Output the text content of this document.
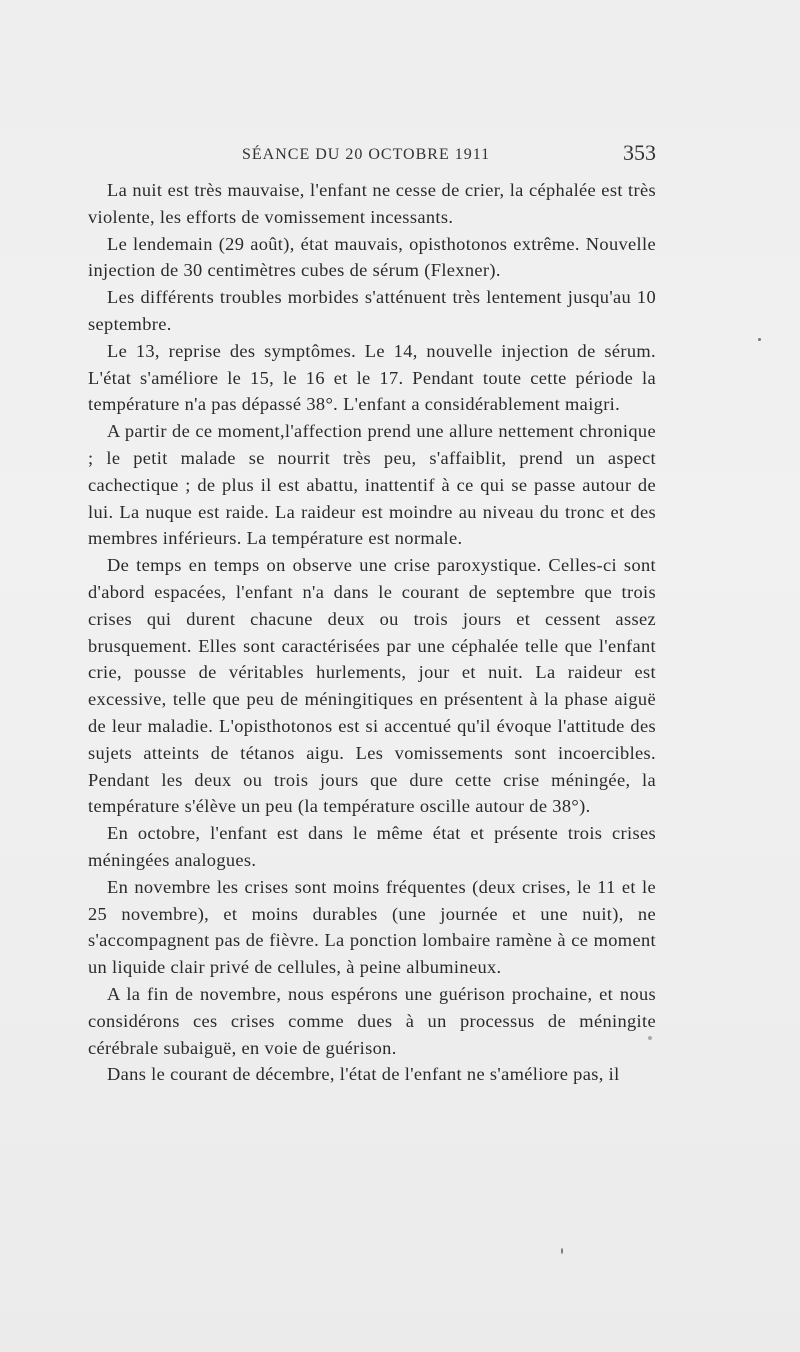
SÉANCE DU 20 OCTOBRE 1911	353

La nuit est très mauvaise, l'enfant ne cesse de crier, la céphalée est très violente, les efforts de vomissement incessants.

Le lendemain (29 août), état mauvais, opisthotonos extrême. Nouvelle injection de 30 centimètres cubes de sérum (Flexner).

Les différents troubles morbides s'atténuent très lentement jusqu'au 10 septembre.

Le 13, reprise des symptômes. Le 14, nouvelle injection de sérum. L'état s'améliore le 15, le 16 et le 17. Pendant toute cette période la température n'a pas dépassé 38°. L'enfant a considérablement maigri.

A partir de ce moment,l'affection prend une allure nettement chronique ; le petit malade se nourrit très peu, s'affaiblit, prend un aspect cachectique ; de plus il est abattu, inattentif à ce qui se passe autour de lui. La nuque est raide. La raideur est moindre au niveau du tronc et des membres inférieurs. La température est normale.

De temps en temps on observe une crise paroxystique. Celles-ci sont d'abord espacées, l'enfant n'a dans le courant de septembre que trois crises qui durent chacune deux ou trois jours et cessent assez brusquement. Elles sont caractérisées par une céphalée telle que l'enfant crie, pousse de véritables hurlements, jour et nuit. La raideur est excessive, telle que peu de méningitiques en présentent à la phase aiguë de leur maladie. L'opisthotonos est si accentué qu'il évoque l'attitude des sujets atteints de tétanos aigu. Les vomissements sont incoercibles. Pendant les deux ou trois jours que dure cette crise méningée, la température s'élève un peu (la température oscille autour de 38°).

En octobre, l'enfant est dans le même état et présente trois crises méningées analogues.

En novembre les crises sont moins fréquentes (deux crises, le 11 et le 25 novembre), et moins durables (une journée et une nuit), ne s'accompagnent pas de fièvre. La ponction lombaire ramène à ce moment un liquide clair privé de cellules, à peine albumineux.

A la fin de novembre, nous espérons une guérison prochaine, et nous considérons ces crises comme dues à un processus de méningite cérébrale subaiguë, en voie de guérison.

Dans le courant de décembre, l'état de l'enfant ne s'améliore pas, il
